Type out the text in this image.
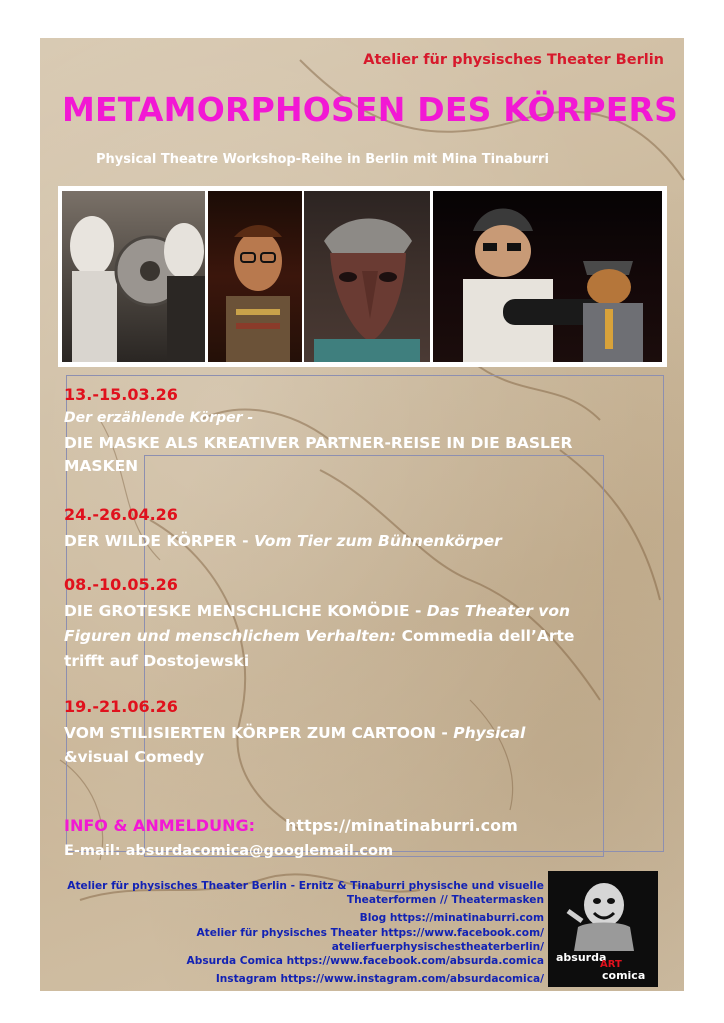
Atelier für physisches Theater Berlin
METAMORPHOSEN DES KÖRPERS
Physical Theatre Workshop-Reihe in Berlin mit Mina Tinaburri
13.-15.03.26
Der erzählende Körper -
DIE MASKE ALS KREATIVER PARTNER-REISE IN DIE BASLER
MASKEN
24.-26.04.26
DER WILDE KÖRPER - Vom Tier zum Bühnenkörper
08.-10.05.26
DIE GROTESKE MENSCHLICHE KOMÖDIE - Das Theater von
Figuren und menschlichem Verhalten: Commedia dell’Arte
trifft auf Dostojewski
19.-21.06.26
VOM STILISIERTEN KÖRPER ZUM CARTOON - Physical
&visual Comedy
INFO & ANMELDUNG: https://minatinaburri.com
E-mail: absurdacomica@googlemail.com
Atelier für physisches Theater Berlin - Ernitz & Tinaburri physische und visuelle
Theaterformen // Theatermasken
Blog https://minatinaburri.com
Atelier für physisches Theater https://www.facebook.com/
atelierfuerphysischestheaterberlin/
Absurda Comica https://www.facebook.com/absurda.comica
Instagram https://www.instagram.com/absurdacomica/
absurda
ART
comica
